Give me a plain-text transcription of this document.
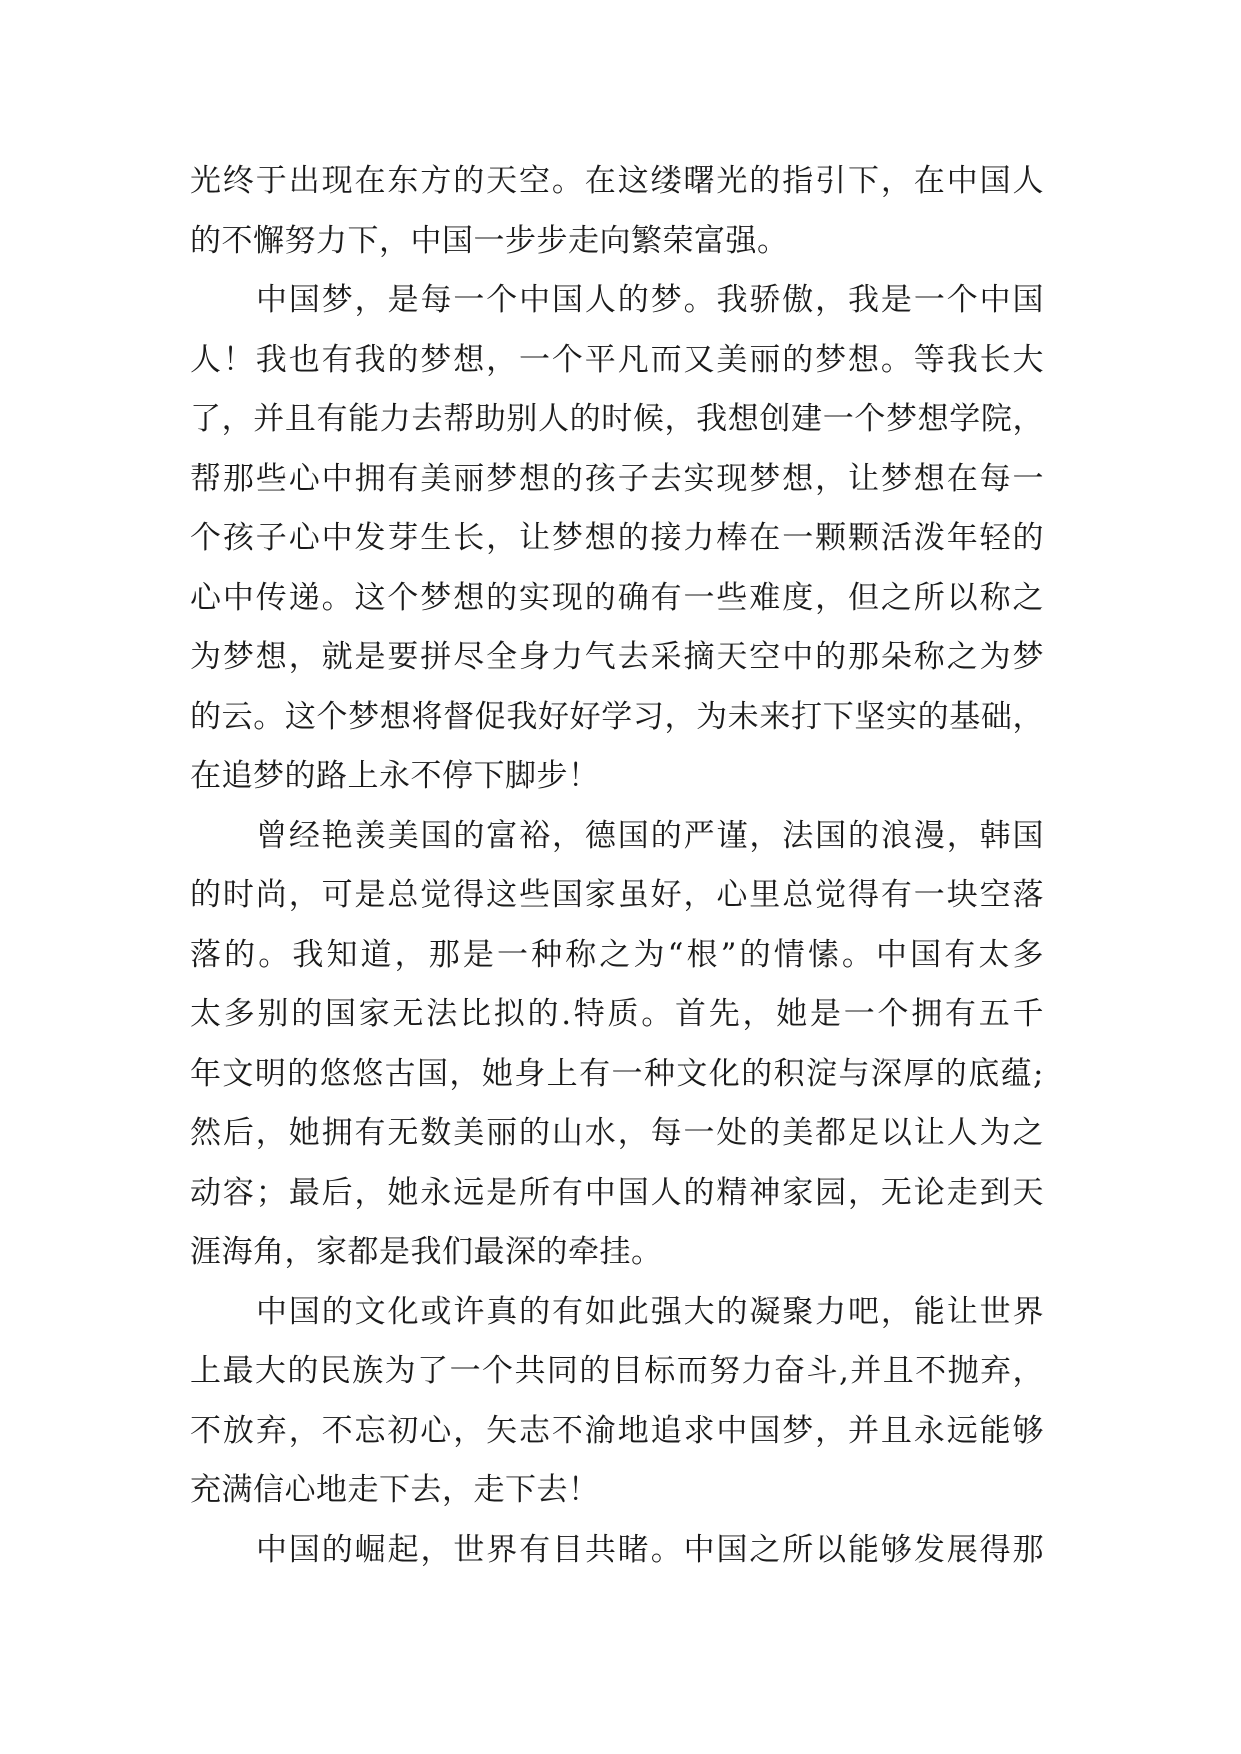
光终于出现在东方的天空。在这缕曙光的指引下，在中国人
的不懈努力下，中国一步步走向繁荣富强。
中国梦，是每一个中国人的梦。我骄傲，我是一个中国
人！我也有我的梦想，一个平凡而又美丽的梦想。等我长大
了，并且有能力去帮助别人的时候，我想创建一个梦想学院，
帮那些心中拥有美丽梦想的孩子去实现梦想，让梦想在每一
个孩子心中发芽生长，让梦想的接力棒在一颗颗活泼年轻的
心中传递。这个梦想的实现的确有一些难度，但之所以称之
为梦想，就是要拼尽全身力气去采摘天空中的那朵称之为梦
的云。这个梦想将督促我好好学习，为未来打下坚实的基础，
在追梦的路上永不停下脚步！
曾经艳羡美国的富裕，德国的严谨，法国的浪漫，韩国
的时尚，可是总觉得这些国家虽好，心里总觉得有一块空落
落的。我知道，那是一种称之为“根”的情愫。中国有太多
太多别的国家无法比拟的.特质。首先，她是一个拥有五千
年文明的悠悠古国，她身上有一种文化的积淀与深厚的底蕴;
然后，她拥有无数美丽的山水，每一处的美都足以让人为之
动容；最后，她永远是所有中国人的精神家园，无论走到天
涯海角，家都是我们最深的牵挂。
中国的文化或许真的有如此强大的凝聚力吧，能让世界
上最大的民族为了一个共同的目标而努力奋斗,并且不抛弃，
不放弃，不忘初心，矢志不渝地追求中国梦，并且永远能够
充满信心地走下去，走下去！
中国的崛起，世界有目共睹。中国之所以能够发展得那
